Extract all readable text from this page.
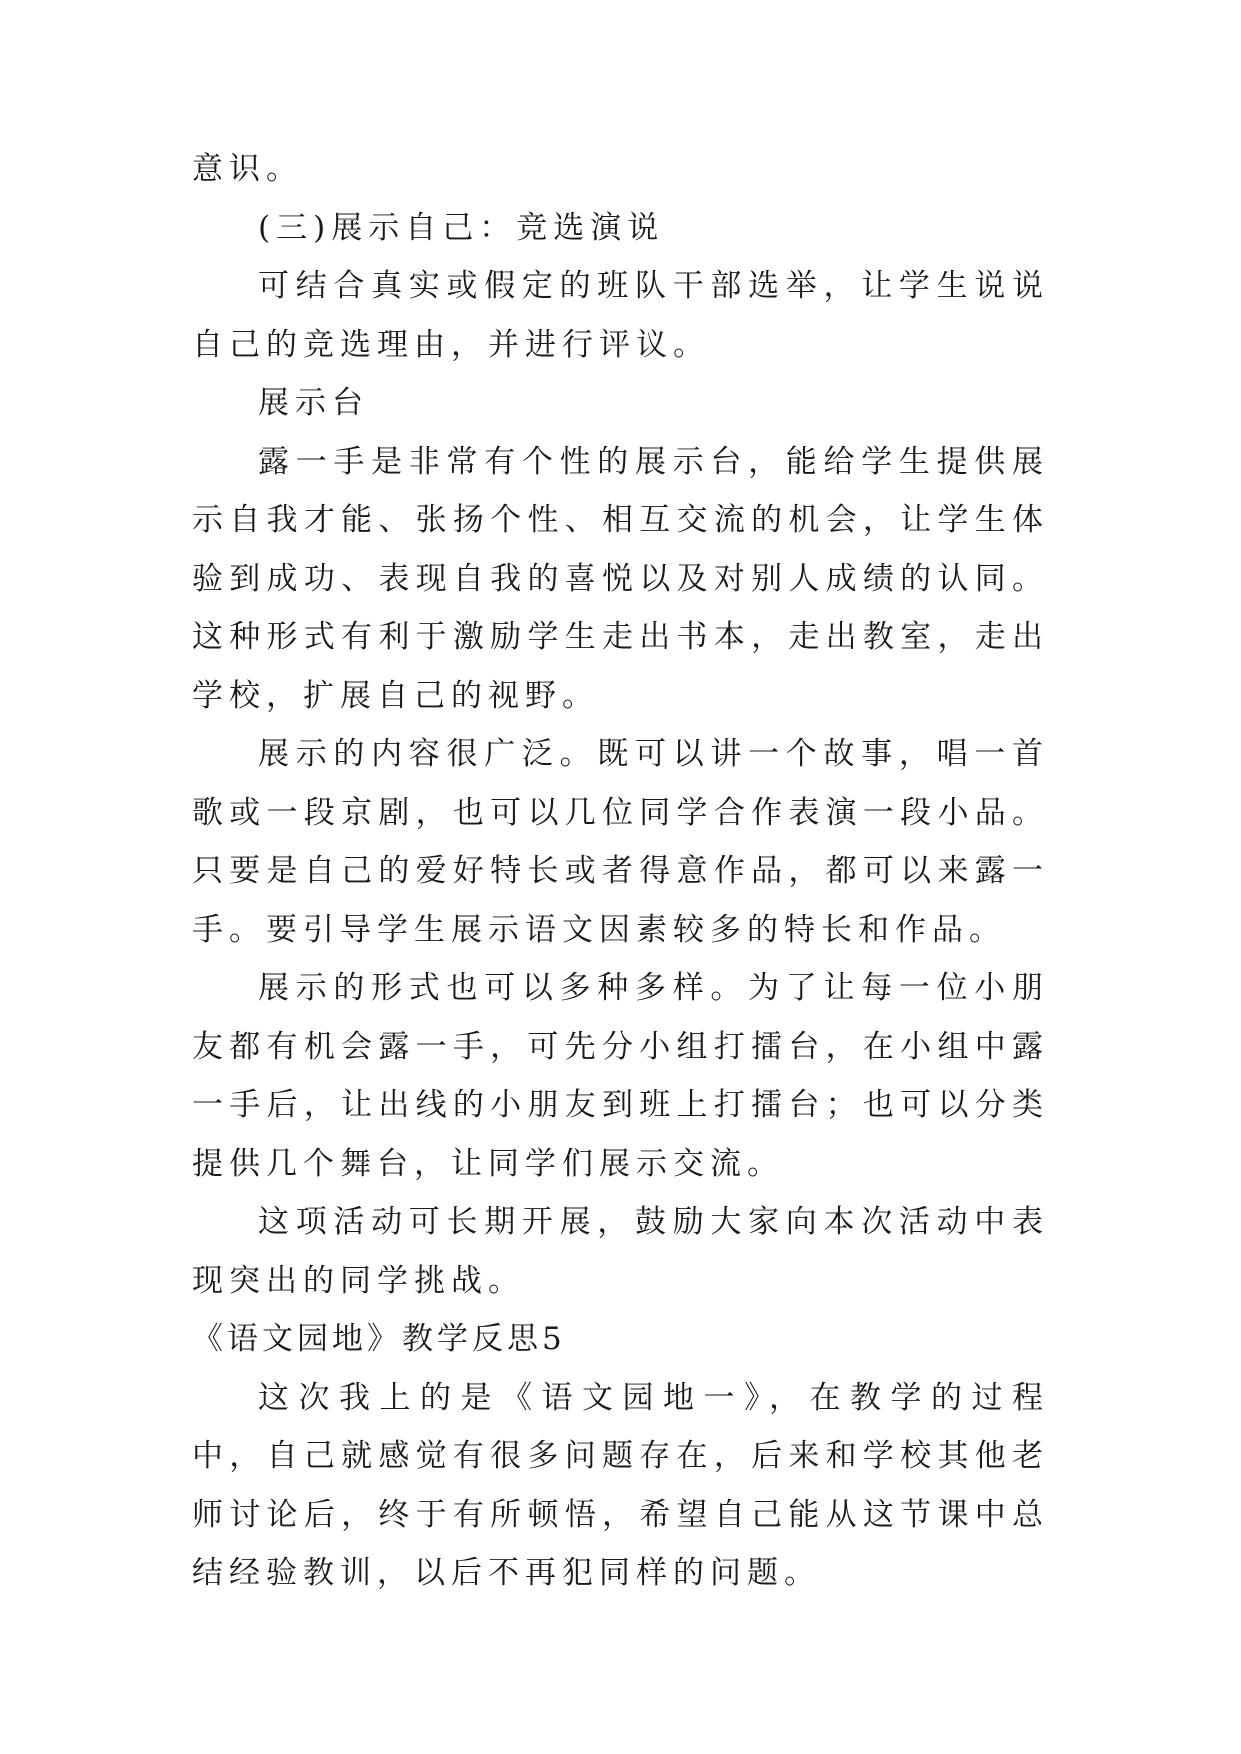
意识。

(三)展示自己：竞选演说

可结合真实或假定的班队干部选举，让学生说说自己的竞选理由，并进行评议。

展示台

露一手是非常有个性的展示台，能给学生提供展示自我才能、张扬个性、相互交流的机会，让学生体验到成功、表现自我的喜悦以及对别人成绩的认同。这种形式有利于激励学生走出书本，走出教室，走出学校，扩展自己的视野。

展示的内容很广泛。既可以讲一个故事，唱一首歌或一段京剧，也可以几位同学合作表演一段小品。只要是自己的爱好特长或者得意作品，都可以来露一手。要引导学生展示语文因素较多的特长和作品。

展示的形式也可以多种多样。为了让每一位小朋友都有机会露一手，可先分小组打擂台，在小组中露一手后，让出线的小朋友到班上打擂台；也可以分类提供几个舞台，让同学们展示交流。

这项活动可长期开展，鼓励大家向本次活动中表现突出的同学挑战。

《语文园地》教学反思5

这次我上的是《语文园地一》，在教学的过程中，自己就感觉有很多问题存在，后来和学校其他老师讨论后，终于有所顿悟，希望自己能从这节课中总结经验教训，以后不再犯同样的问题。
